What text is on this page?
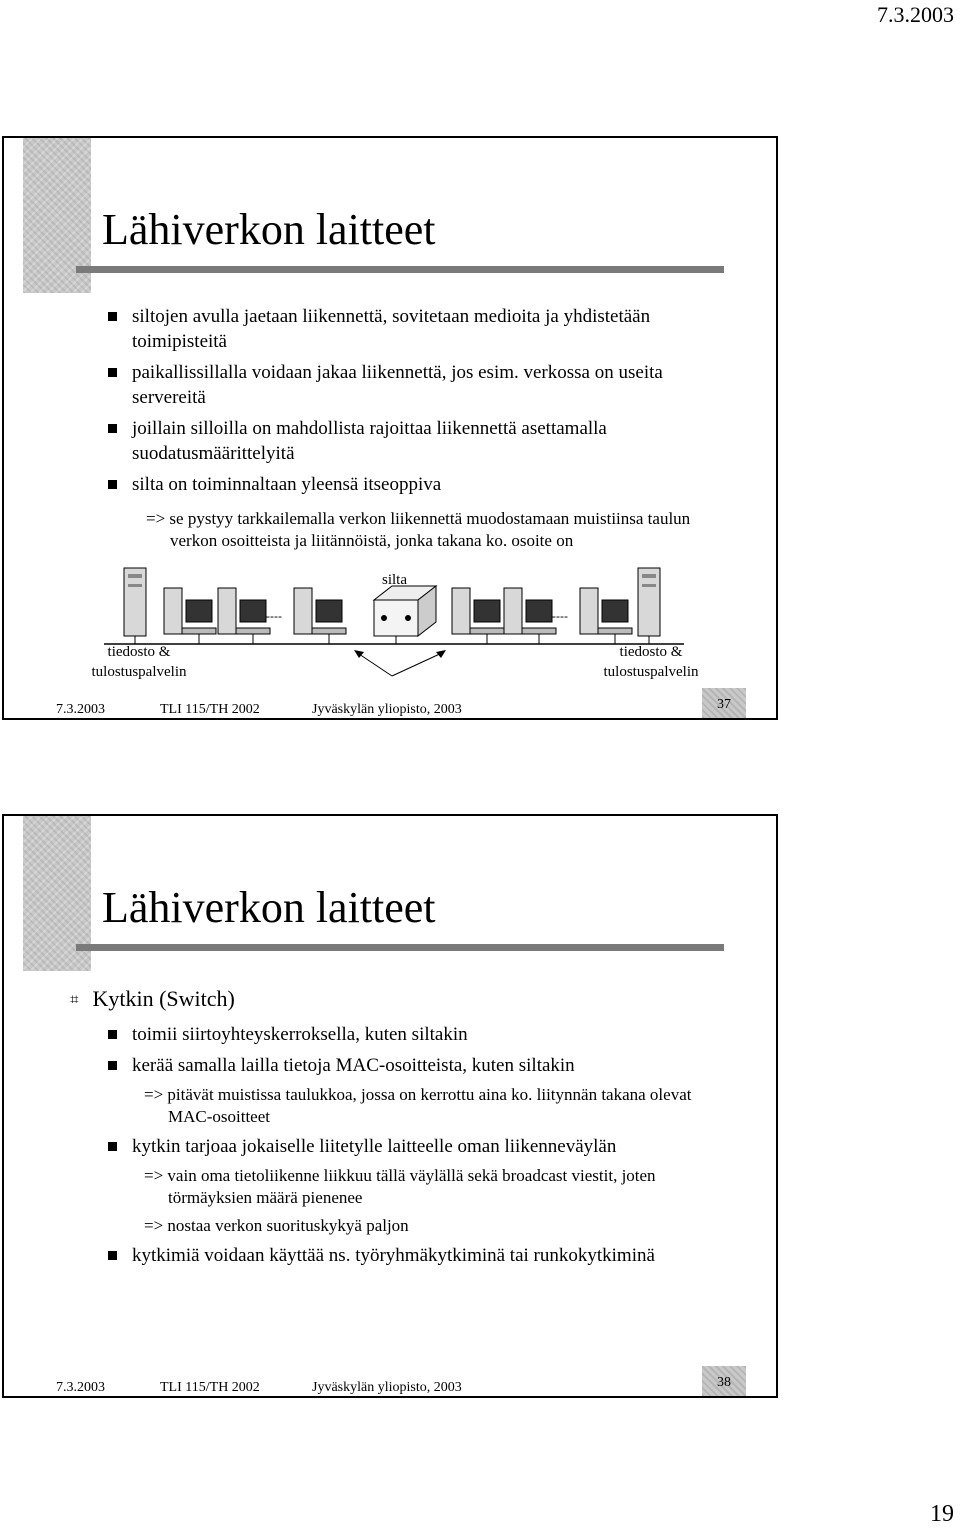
7.3.2003
Lähiverkon laitteet
siltojen avulla jaetaan liikennettä, sovitetaan medioita ja yhdistetään toimipisteitä
paikallissillalla voidaan jakaa liikennettä, jos esim. verkossa on useita servereitä
joillain silloilla on mahdollista rajoittaa liikennettä asettamalla suodatusmäärittelyitä
silta on toiminnaltaan yleensä itseoppiva
=> se pystyy tarkkailemalla verkon liikennettä muodostamaan muistiinsa taulun verkon osoitteista ja liitännöistä, jonka takana ko. osoite on
----	----
silta
tiedosto & tulostuspalvelin
tiedosto & tulostuspalvelin
7.3.2003	TLI 115/TH 2002	Jyväskylän yliopisto, 2003	37
Lähiverkon laitteet
⌗ Kytkin (Switch)
toimii siirtoyhteyskerroksella, kuten siltakin
kerää samalla lailla tietoja MAC-osoitteista, kuten siltakin
=> pitävät muistissa taulukkoa, jossa on kerrottu aina ko. liitynnän takana olevat MAC-osoitteet
kytkin tarjoaa jokaiselle liitetylle laitteelle oman liikenneväylän
=> vain oma tietoliikenne liikkuu tällä väylällä sekä broadcast viestit, joten törmäyksien määrä pienenee
=> nostaa verkon suorituskykyä paljon
kytkimiä voidaan käyttää ns. työryhmäkytkiminä tai runkokytkiminä
7.3.2003	TLI 115/TH 2002	Jyväskylän yliopisto, 2003	38
19
